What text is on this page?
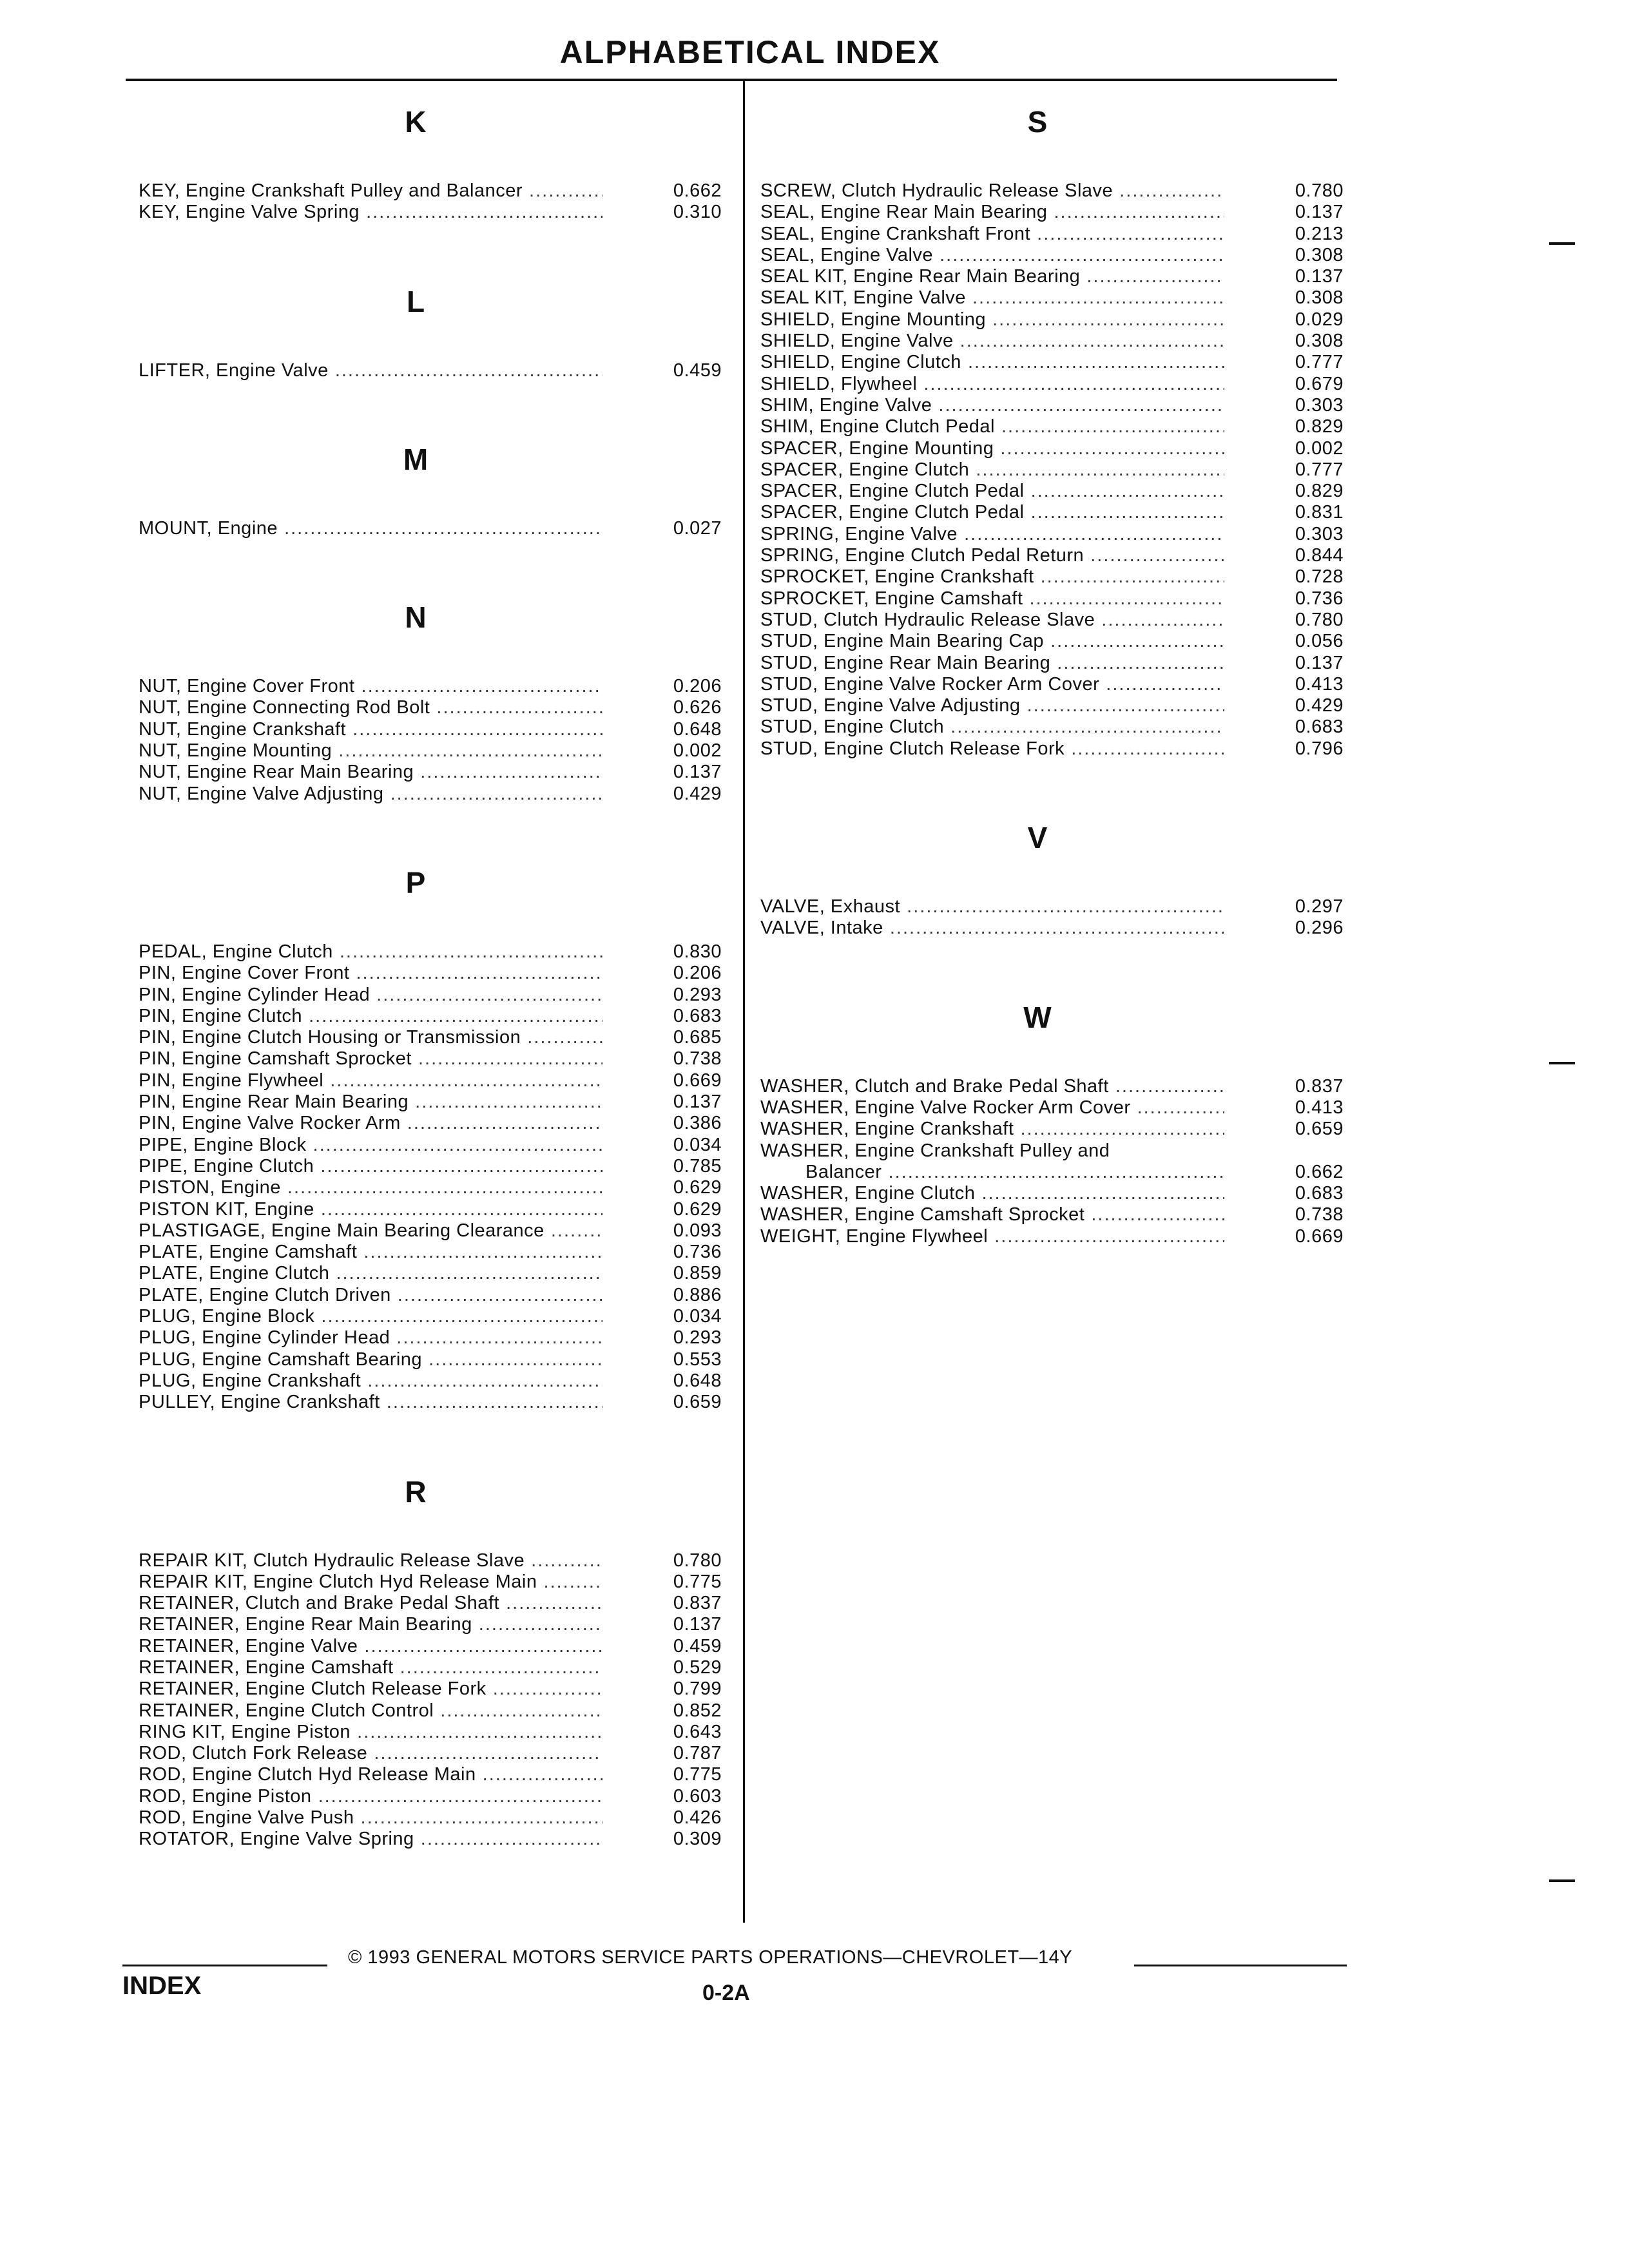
ALPHABETICAL INDEX
K
KEY, Engine Crankshaft Pulley and Balancer .....	0.662
KEY, Engine Valve Spring .....	0.310
L
LIFTER, Engine Valve .....	0.459
M
MOUNT, Engine .....	0.027
N
NUT, Engine Cover Front .....	0.206
NUT, Engine Connecting Rod Bolt .....	0.626
NUT, Engine Crankshaft .....	0.648
NUT, Engine Mounting .....	0.002
NUT, Engine Rear Main Bearing .....	0.137
NUT, Engine Valve Adjusting .....	0.429
P
PEDAL, Engine Clutch .....	0.830
PIN, Engine Cover Front .....	0.206
PIN, Engine Cylinder Head .....	0.293
PIN, Engine Clutch .....	0.683
PIN, Engine Clutch Housing or Transmission .....	0.685
PIN, Engine Camshaft Sprocket .....	0.738
PIN, Engine Flywheel .....	0.669
PIN, Engine Rear Main Bearing .....	0.137
PIN, Engine Valve Rocker Arm .....	0.386
PIPE, Engine Block .....	0.034
PIPE, Engine Clutch .....	0.785
PISTON, Engine .....	0.629
PISTON KIT, Engine .....	0.629
PLASTIGAGE, Engine Main Bearing Clearance .....	0.093
PLATE, Engine Camshaft .....	0.736
PLATE, Engine Clutch .....	0.859
PLATE, Engine Clutch Driven .....	0.886
PLUG, Engine Block .....	0.034
PLUG, Engine Cylinder Head .....	0.293
PLUG, Engine Camshaft Bearing .....	0.553
PLUG, Engine Crankshaft .....	0.648
PULLEY, Engine Crankshaft .....	0.659
R
REPAIR KIT, Clutch Hydraulic Release Slave .....	0.780
REPAIR KIT, Engine Clutch Hyd Release Main .....	0.775
RETAINER, Clutch and Brake Pedal Shaft .....	0.837
RETAINER, Engine Rear Main Bearing .....	0.137
RETAINER, Engine Valve .....	0.459
RETAINER, Engine Camshaft .....	0.529
RETAINER, Engine Clutch Release Fork .....	0.799
RETAINER, Engine Clutch Control .....	0.852
RING KIT, Engine Piston .....	0.643
ROD, Clutch Fork Release .....	0.787
ROD, Engine Clutch Hyd Release Main .....	0.775
ROD, Engine Piston .....	0.603
ROD, Engine Valve Push .....	0.426
ROTATOR, Engine Valve Spring .....	0.309
S
SCREW, Clutch Hydraulic Release Slave .....	0.780
SEAL, Engine Rear Main Bearing .....	0.137
SEAL, Engine Crankshaft Front .....	0.213
SEAL, Engine Valve .....	0.308
SEAL KIT, Engine Rear Main Bearing .....	0.137
SEAL KIT, Engine Valve .....	0.308
SHIELD, Engine Mounting .....	0.029
SHIELD, Engine Valve .....	0.308
SHIELD, Engine Clutch .....	0.777
SHIELD, Flywheel .....	0.679
SHIM, Engine Valve .....	0.303
SHIM, Engine Clutch Pedal .....	0.829
SPACER, Engine Mounting .....	0.002
SPACER, Engine Clutch .....	0.777
SPACER, Engine Clutch Pedal .....	0.829
SPACER, Engine Clutch Pedal .....	0.831
SPRING, Engine Valve .....	0.303
SPRING, Engine Clutch Pedal Return .....	0.844
SPROCKET, Engine Crankshaft .....	0.728
SPROCKET, Engine Camshaft .....	0.736
STUD, Clutch Hydraulic Release Slave .....	0.780
STUD, Engine Main Bearing Cap .....	0.056
STUD, Engine Rear Main Bearing .....	0.137
STUD, Engine Valve Rocker Arm Cover .....	0.413
STUD, Engine Valve Adjusting .....	0.429
STUD, Engine Clutch .....	0.683
STUD, Engine Clutch Release Fork .....	0.796
V
VALVE, Exhaust .....	0.297
VALVE, Intake .....	0.296
W
WASHER, Clutch and Brake Pedal Shaft .....	0.837
WASHER, Engine Valve Rocker Arm Cover .....	0.413
WASHER, Engine Crankshaft .....	0.659
WASHER, Engine Crankshaft Pulley and
Balancer .....	0.662
WASHER, Engine Clutch .....	0.683
WASHER, Engine Camshaft Sprocket .....	0.738
WEIGHT, Engine Flywheel .....	0.669
© 1993 GENERAL MOTORS SERVICE PARTS OPERATIONS—CHEVROLET—14Y
INDEX	0-2A
